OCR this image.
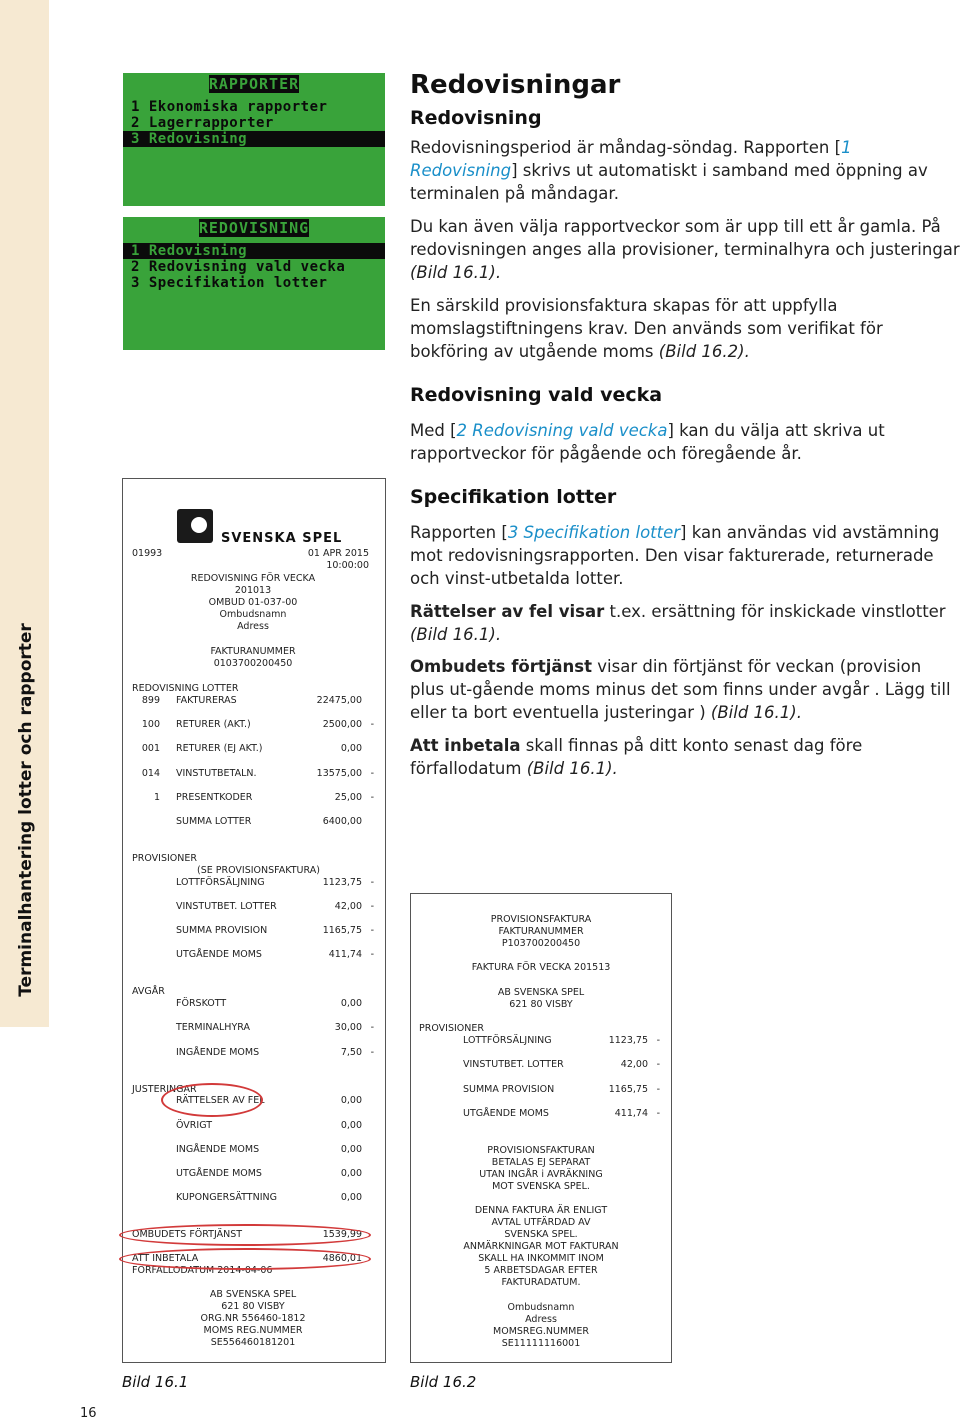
Terminalhantering lotter och rapporter
16
RAPPORTER
1 Ekonomiska rapporter
2 Lagerrapporter
3 Redovisning
REDOVISNING
1 Redovisning
2 Redovisning vald vecka
3 Specifikation lotter
Redovisningar
Redovisning
Redovisningsperiod är måndag-söndag. Rapporten [1 Redovisning] skrivs ut automatiskt i samband med öppning av terminalen på måndagar.
Du kan även välja rapportveckor som är upp till ett år gamla. På redovisningen anges alla provisioner, terminalhyra och justeringar (Bild 16.1).
En särskild provisionsfaktura skapas för att uppfylla momslagstiftningens krav. Den används som verifikat för bokföring av utgående moms (Bild 16.2).
Redovisning vald vecka
Med [2 Redovisning vald vecka] kan du välja att skriva ut rapportveckor för pågående och föregående år.
Specifikation lotter
Rapporten [3 Specifikation lotter] kan användas vid avstämning mot redovisningsrapporten. Den visar fakturerade, returnerade och vinst-utbetalda lotter.
Rättelser av fel visar t.ex. ersättning för inskickade vinstlotter (Bild 16.1).
Ombudets förtjänst visar din förtjänst för veckan (provision plus ut-gående moms minus det som finns under avgår . Lägg till eller ta bort eventuella justeringar ) (Bild 16.1).
Att inbetala skall finnas på ditt konto senast dag före förfallodatum (Bild 16.1).
SVENSKA SPEL
01993	01 APR 2015
10:00:00
REDOVISNING FÖR VECKA
201013
OMBUD 01-037-00
Ombudsnamn
Adress
FAKTURANUMMER
0103700200450
REDOVISNING LOTTER
899 FAKTURERAS	22475,00
100 RETURER (AKT.)	2500,00 -
001 RETURER (EJ AKT.)	0,00
014 VINSTUTBETALN.	13575,00 -
1 PRESENTKODER	25,00 -
SUMMA LOTTER	6400,00
PROVISIONER
(SE PROVISIONSFAKTURA)
LOTTFÖRSÄLJNING	1123,75 -
VINSTUTBET. LOTTER	42,00 -
SUMMA PROVISION	1165,75 -
UTGÅENDE MOMS	411,74 -
AVGÅR
FÖRSKOTT	0,00
TERMINALHYRA	30,00 -
INGÅENDE MOMS	7,50 -
JUSTERINGAR
RÄTTELSER AV FEL	0,00
ÖVRIGT	0,00
INGÅENDE MOMS	0,00
UTGÅENDE MOMS	0,00
KUPONGERSÄTTNING	0,00
OMBUDETS FÖRTJÄNST	1539,99
ATT INBETALA	4860,01
FÖRFALLODATUM 2014-04-06
AB SVENSKA SPEL
621 80 VISBY
ORG.NR 556460-1812
MOMS REG.NUMMER
SE556460181201
PROVISIONSFAKTURA
FAKTURANUMMER
P103700200450
FAKTURA FÖR VECKA 201513
AB SVENSKA SPEL
621 80 VISBY
PROVISIONER
LOTTFÖRSÄLJNING	1123,75 -
VINSTUTBET. LOTTER	42,00 -
SUMMA PROVISION	1165,75 -
UTGÅENDE MOMS	411,74 -
PROVISIONSFAKTURAN
BETALAS EJ SEPARAT
UTAN INGÅR i AVRÄKNING
MOT SVENSKA SPEL.
DENNA FAKTURA ÄR ENLIGT
AVTAL UTFÄRDAD AV
SVENSKA SPEL.
ANMÄRKNINGAR MOT FAKTURAN
SKALL HA INKOMMIT INOM
5 ARBETSDAGAR EFTER
FAKTURADATUM.
Ombudsnamn
Adress
MOMSREG.NUMMER
SE11111116001
Bild 16.1	Bild 16.2
